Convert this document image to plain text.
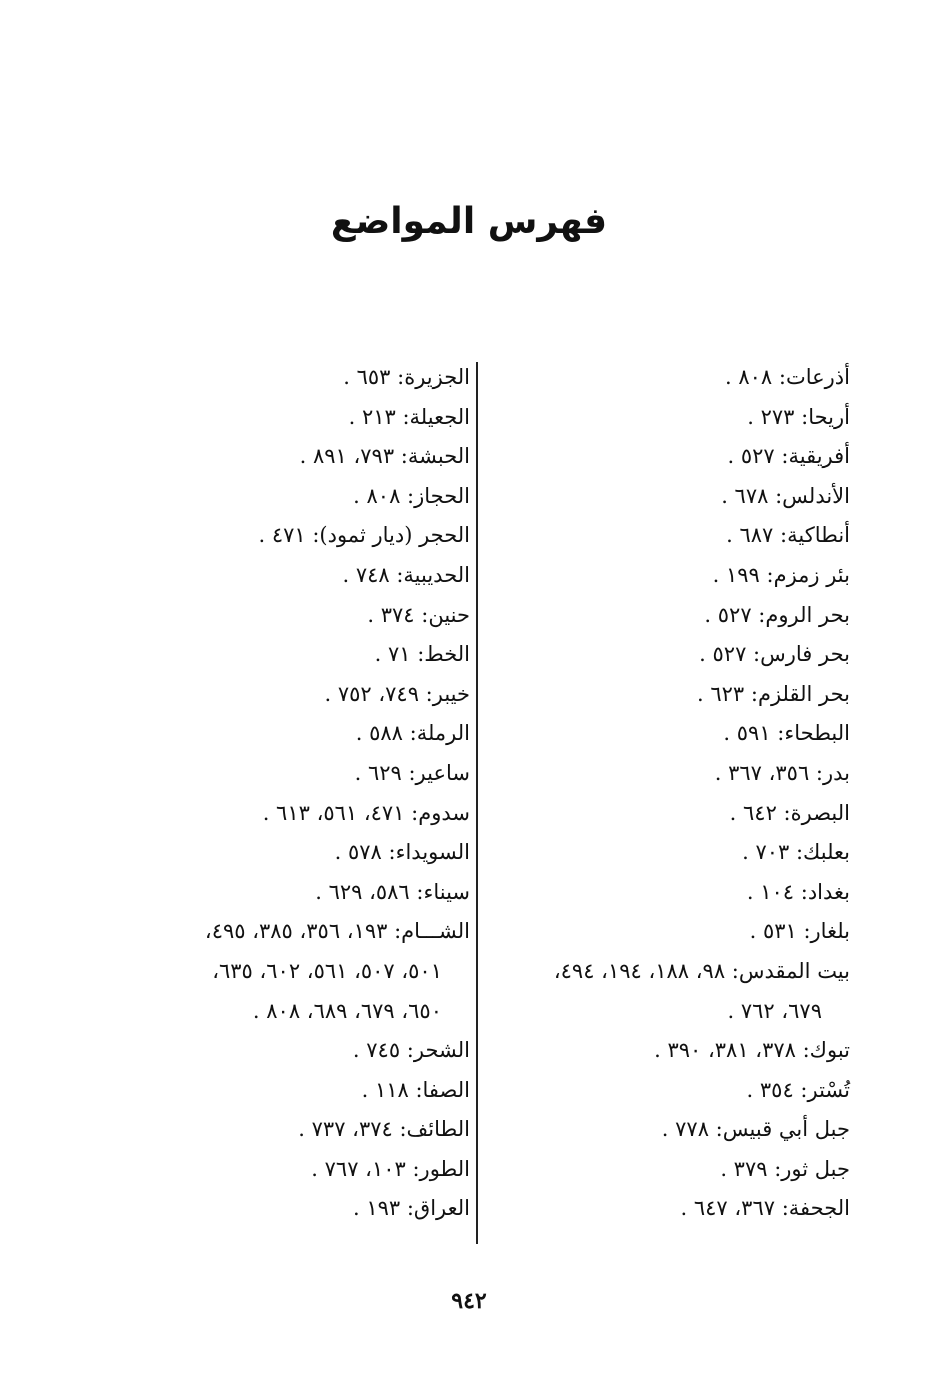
فهرس المواضع
أذرعات: ٨٠٨ .
أريحا: ٢٧٣ .
أفريقية: ٥٢٧ .
الأندلس: ٦٧٨ .
أنطاكية: ٦٨٧ .
بئر زمزم: ١٩٩ .
بحر الروم: ٥٢٧ .
بحر فارس: ٥٢٧ .
بحر القلزم: ٦٢٣ .
البطحاء: ٥٩١ .
بدر: ٣٥٦، ٣٦٧ .
البصرة: ٦٤٢ .
بعلبك: ٧٠٣ .
بغداد: ١٠٤ .
بلغار: ٥٣١ .
بيت المقدس: ٩٨، ١٨٨، ١٩٤، ٤٩٤،
٦٧٩، ٧٦٢ .
تبوك: ٣٧٨، ٣٨١، ٣٩٠ .
تُسْتر: ٣٥٤ .
جبل أبي قبيس: ٧٧٨ .
جبل ثور: ٣٧٩ .
الجحفة: ٣٦٧، ٦٤٧ .
الجزيرة: ٦٥٣ .
الجعيلة: ٢١٣ .
الحبشة: ٧٩٣، ٨٩١ .
الحجاز: ٨٠٨ .
الحجر (ديار ثمود): ٤٧١ .
الحديبية: ٧٤٨ .
حنين: ٣٧٤ .
الخط: ٧١ .
خيبر: ٧٤٩، ٧٥٢ .
الرملة: ٥٨٨ .
ساعير: ٦٢٩ .
سدوم: ٤٧١، ٥٦١، ٦١٣ .
السويداء: ٥٧٨ .
سيناء: ٥٨٦، ٦٢٩ .
الشـــام: ١٩٣، ٣٥٦، ٣٨٥، ٤٩٥،
٥٠١، ٥٠٧، ٥٦١، ٦٠٢، ٦٣٥،
٦٥٠، ٦٧٩، ٦٨٩، ٨٠٨ .
الشحر: ٧٤٥ .
الصفا: ١١٨ .
الطائف: ٣٧٤، ٧٣٧ .
الطور: ١٠٣، ٧٦٧ .
العراق: ١٩٣ .
٩٤٢
